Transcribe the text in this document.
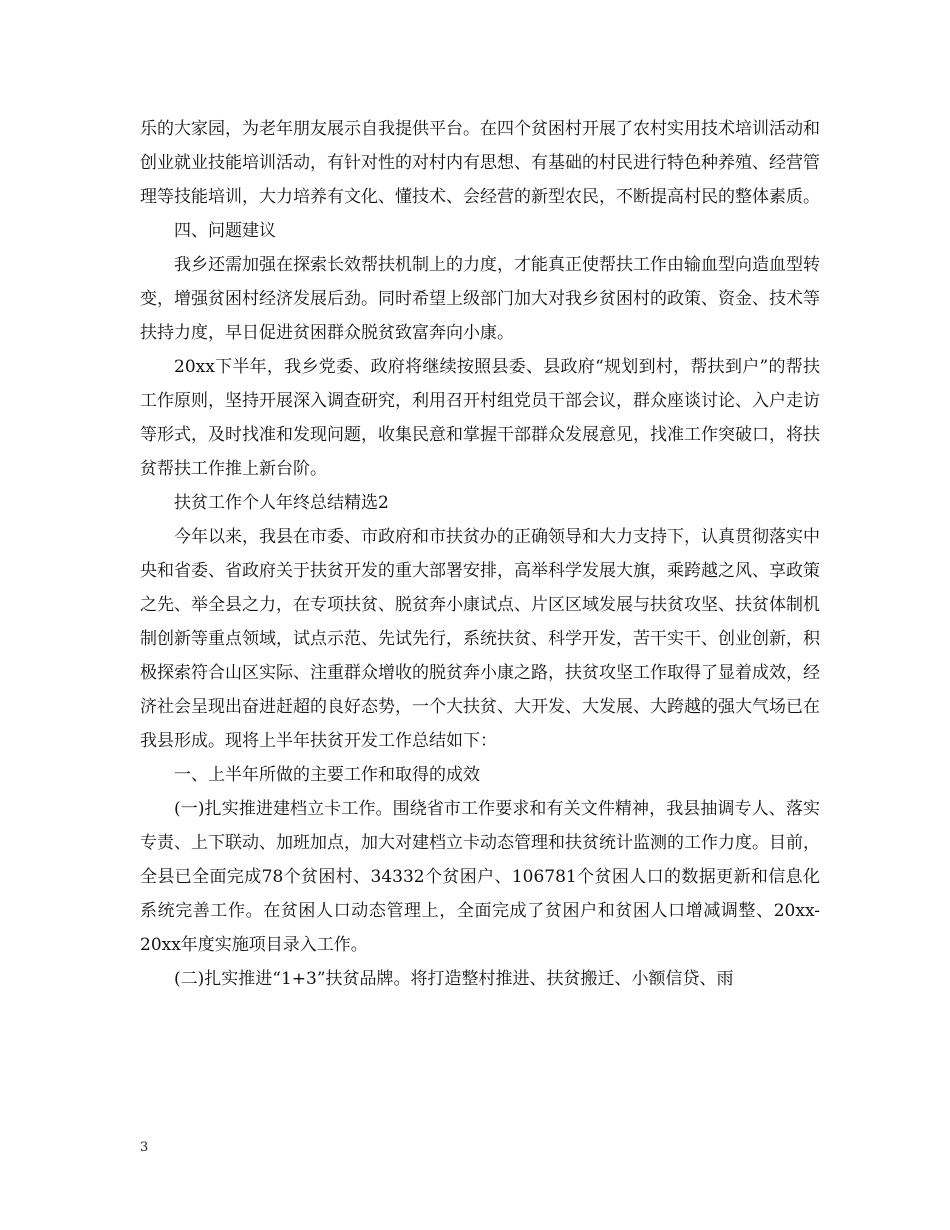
乐的大家园，为老年朋友展示自我提供平台。在四个贫困村开展了农村实用技术培训活动和创业就业技能培训活动，有针对性的对村内有思想、有基础的村民进行特色种养殖、经营管理等技能培训，大力培养有文化、懂技术、会经营的新型农民，不断提高村民的整体素质。

四、问题建议

我乡还需加强在探索长效帮扶机制上的力度，才能真正使帮扶工作由输血型向造血型转变，增强贫困村经济发展后劲。同时希望上级部门加大对我乡贫困村的政策、资金、技术等扶持力度，早日促进贫困群众脱贫致富奔向小康。

20xx下半年，我乡党委、政府将继续按照县委、县政府“规划到村，帮扶到户”的帮扶工作原则，坚持开展深入调查研究，利用召开村组党员干部会议，群众座谈讨论、入户走访等形式，及时找准和发现问题，收集民意和掌握干部群众发展意见，找准工作突破口，将扶贫帮扶工作推上新台阶。

扶贫工作个人年终总结精选2

今年以来，我县在市委、市政府和市扶贫办的正确领导和大力支持下，认真贯彻落实中央和省委、省政府关于扶贫开发的重大部署安排，高举科学发展大旗，乘跨越之风、享政策之先、举全县之力，在专项扶贫、脱贫奔小康试点、片区区域发展与扶贫攻坚、扶贫体制机制创新等重点领域，试点示范、先试先行，系统扶贫、科学开发，苦干实干、创业创新，积极探索符合山区实际、注重群众增收的脱贫奔小康之路，扶贫攻坚工作取得了显着成效，经济社会呈现出奋进赶超的良好态势，一个大扶贫、大开发、大发展、大跨越的强大气场已在我县形成。现将上半年扶贫开发工作总结如下：

一、上半年所做的主要工作和取得的成效

(一)扎实推进建档立卡工作。围绕省市工作要求和有关文件精神，我县抽调专人、落实专责、上下联动、加班加点，加大对建档立卡动态管理和扶贫统计监测的工作力度。目前，全县已全面完成78个贫困村、34332个贫困户、106781个贫困人口的数据更新和信息化系统完善工作。在贫困人口动态管理上，全面完成了贫困户和贫困人口增减调整、20xx-20xx年度实施项目录入工作。

(二)扎实推进“1+3”扶贫品牌。将打造整村推进、扶贫搬迁、小额信贷、雨

3
